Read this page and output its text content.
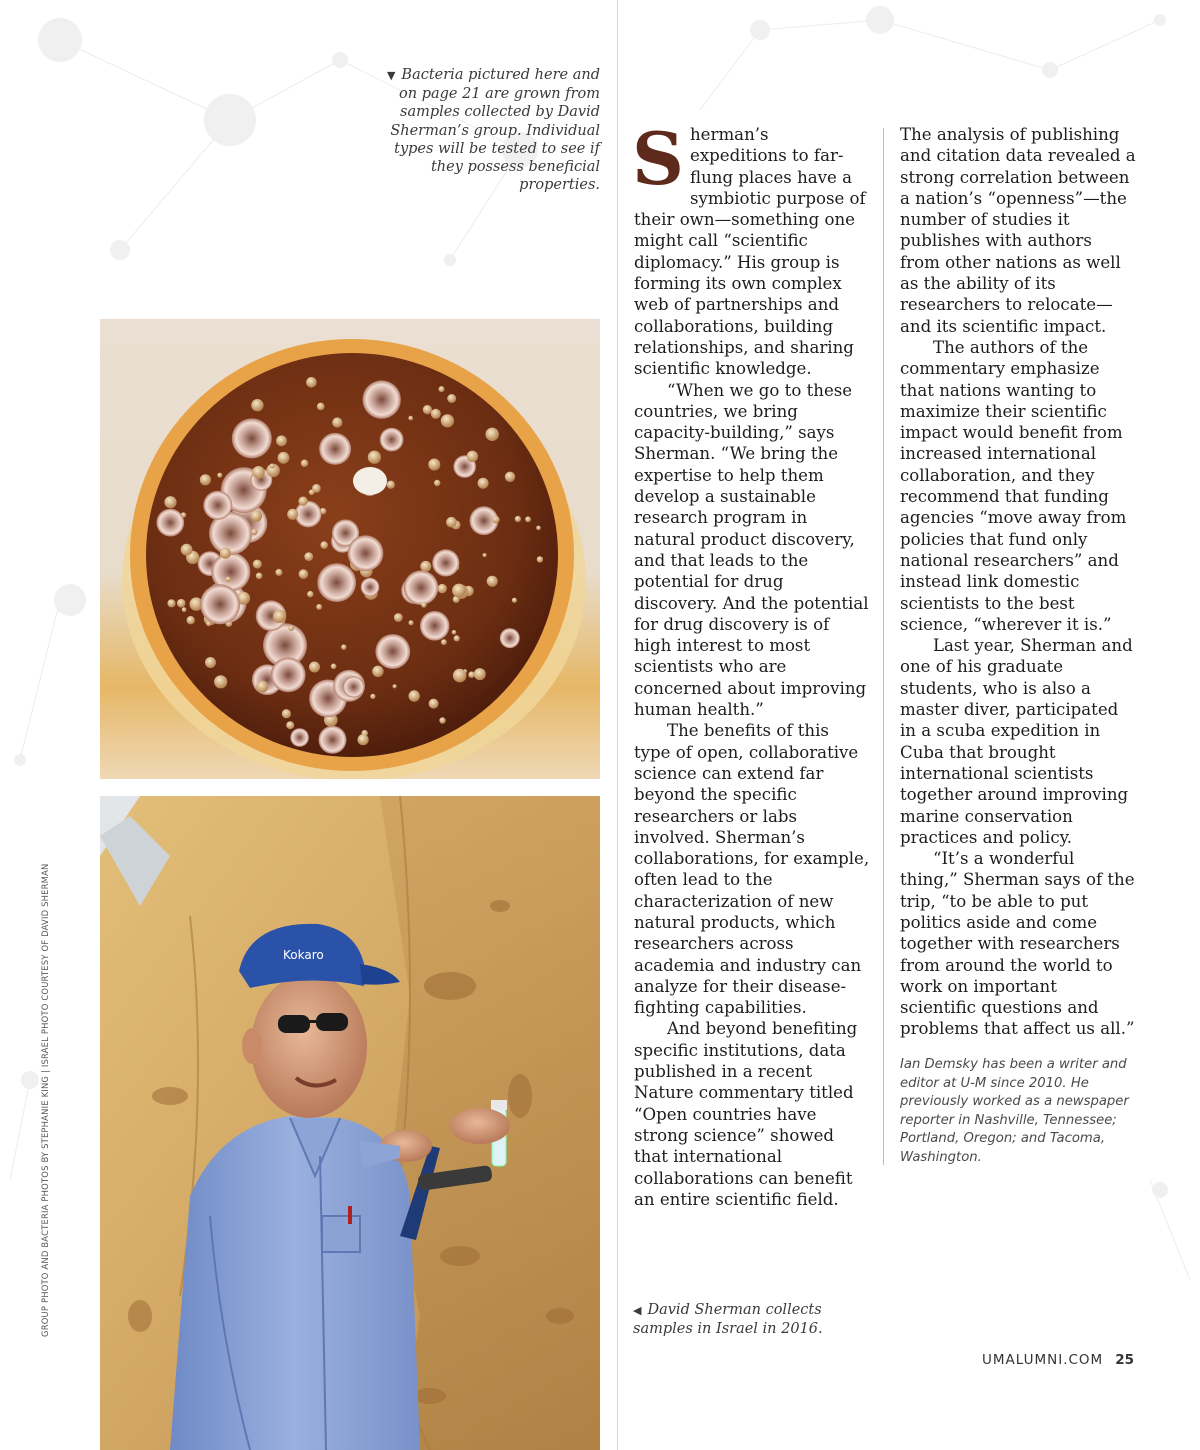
▼ Bacteria pictured here and on page 21 are grown from samples collected by David Sherman’s group. Individual types will be tested to see if they possess beneficial properties.
Kokaro
GROUP PHOTO AND BACTERIA PHOTOS BY STEPHANIE KING | ISRAEL PHOTO COURTESY OF DAVID SHERMAN
S herman’s expeditions to far-flung places have a symbiotic purpose of their own—something one might call “scientific diplomacy.” His group is forming its own complex web of partnerships and collaborations, building relationships, and sharing scientific knowledge.

“When we go to these countries, we bring capacity-building,” says Sherman. “We bring the expertise to help them develop a sustainable research program in natural product discovery, and that leads to the potential for drug discovery. And the potential for drug discovery is of high interest to most scientists who are concerned about improving human health.”

The benefits of this type of open, collaborative science can extend far beyond the specific researchers or labs involved. Sherman’s collaborations, for example, often lead to the characterization of new natural products, which researchers across academia and industry can analyze for their disease-fighting capabilities.

And beyond benefiting specific institutions, data published in a recent Nature commentary titled “Open countries have strong science” showed that international collaborations can benefit an entire scientific field.

The analysis of publishing and citation data revealed a strong correlation between a nation’s “openness”—the number of studies it publishes with authors from other nations as well as the ability of its researchers to relocate—and its scientific impact.

The authors of the commentary emphasize that nations wanting to maximize their scientific impact would benefit from increased international collaboration, and they recommend that funding agencies “move away from policies that fund only national researchers” and instead link domestic scientists to the best science, “wherever it is.”

Last year, Sherman and one of his graduate students, who is also a master diver, participated in a scuba expedition in Cuba that brought international scientists together around improving marine conservation practices and policy.

“It’s a wonderful thing,” Sherman says of the trip, “to be able to put politics aside and come together with researchers from around the world to work on important scientific questions and problems that affect us all.”

Ian Demsky has been a writer and editor at U-M since 2010. He previously worked as a newspaper reporter in Nashville, Tennessee; Portland, Oregon; and Tacoma, Washington.
◀ David Sherman collects samples in Israel in 2016.
UMALUMNI.COM 25
